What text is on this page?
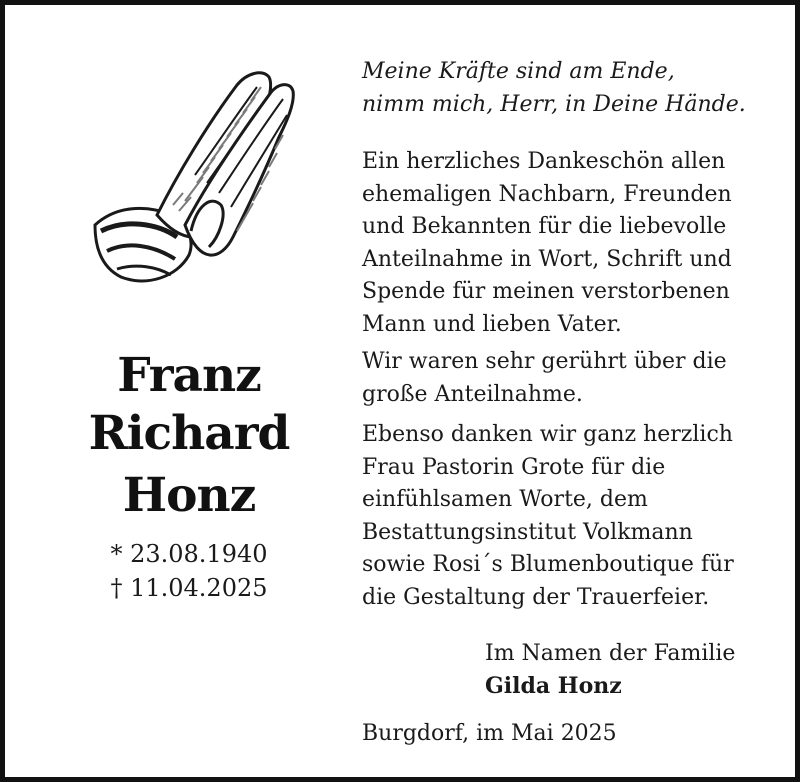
Franz
Richard
Honz
* 23.08.1940
† 11.04.2025
Meine Kräfte sind am Ende,
nimm mich, Herr, in Deine Hände.
Ein herzliches Dankeschön allen
ehemaligen Nachbarn, Freunden
und Bekannten für die liebevolle
Anteilnahme in Wort, Schrift und
Spende für meinen verstorbenen
Mann und lieben Vater.
Wir waren sehr gerührt über die
große Anteilnahme.
Ebenso danken wir ganz herzlich
Frau Pastorin Grote für die
einfühlsamen Worte, dem
Bestattungsinstitut Volkmann
sowie Rosi´s Blumenboutique für
die Gestaltung der Trauerfeier.
Im Namen der Familie
Gilda Honz
Burgdorf, im Mai 2025
